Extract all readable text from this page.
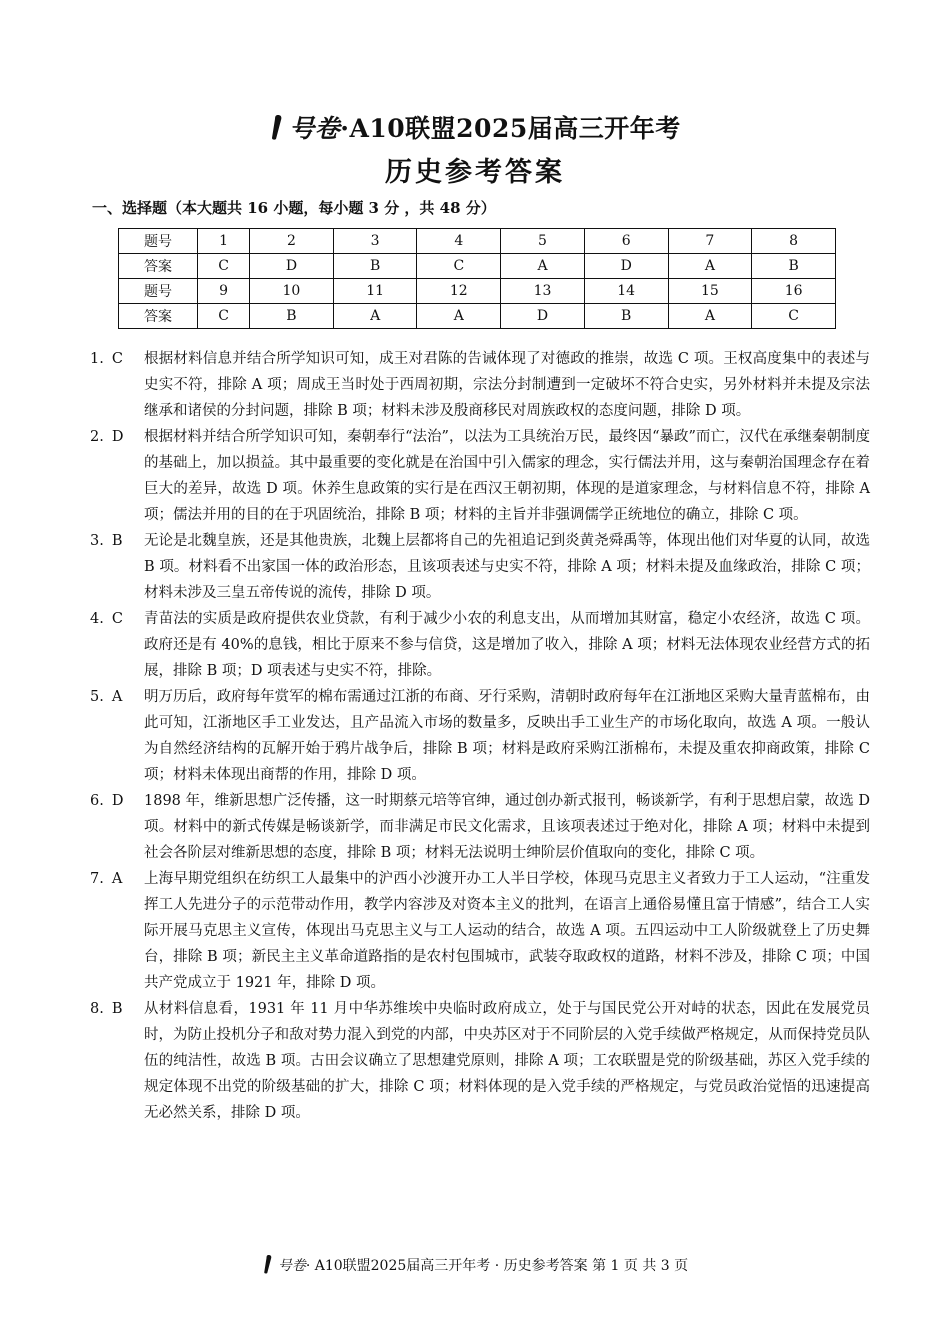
号卷·A10联盟2025届高三开年考
历史参考答案
一、选择题（本大题共 16 小题，每小题 3 分 ，共 48 分）
题号	1	2	3	4	5	6	7	8
答案	C	D	B	C	A	D	A	B
题号	9	10	11	12	13	14	15	16
答案	C	B	A	A	D	B	A	C
1. C	根据材料信息并结合所学知识可知，成王对君陈的告诫体现了对德政的推崇，故选 C 项。王权高度集中的表述与史实不符，排除 A 项；周成王当时处于西周初期，宗法分封制遭到一定破坏不符合史实，另外材料并未提及宗法继承和诸侯的分封问题，排除 B 项；材料未涉及殷商移民对周族政权的态度问题，排除 D 项。
2. D	根据材料并结合所学知识可知，秦朝奉行“法治”，以法为工具统治万民，最终因“暴政”而亡，汉代在承继秦朝制度的基础上，加以损益。其中最重要的变化就是在治国中引入儒家的理念，实行儒法并用，这与秦朝治国理念存在着巨大的差异，故选 D 项。休养生息政策的实行是在西汉王朝初期，体现的是道家理念，与材料信息不符，排除 A 项；儒法并用的目的在于巩固统治，排除 B 项；材料的主旨并非强调儒学正统地位的确立，排除 C 项。
3. B	无论是北魏皇族，还是其他贵族，北魏上层都将自己的先祖追记到炎黄尧舜禹等，体现出他们对华夏的认同，故选 B 项。材料看不出家国一体的政治形态，且该项表述与史实不符，排除 A 项；材料未提及血缘政治，排除 C 项；材料未涉及三皇五帝传说的流传，排除 D 项。
4. C	青苗法的实质是政府提供农业贷款，有利于减少小农的利息支出，从而增加其财富，稳定小农经济，故选 C 项。政府还是有 40%的息钱，相比于原来不参与信贷，这是增加了收入，排除 A 项；材料无法体现农业经营方式的拓展，排除 B 项；D 项表述与史实不符，排除。
5. A	明万历后，政府每年赏军的棉布需通过江浙的布商、牙行采购，清朝时政府每年在江浙地区采购大量青蓝棉布，由此可知，江浙地区手工业发达，且产品流入市场的数量多，反映出手工业生产的市场化取向，故选 A 项。一般认为自然经济结构的瓦解开始于鸦片战争后，排除 B 项；材料是政府采购江浙棉布，未提及重农抑商政策，排除 C 项；材料未体现出商帮的作用，排除 D 项。
6. D	1898 年，维新思想广泛传播，这一时期蔡元培等官绅，通过创办新式报刊，畅谈新学，有利于思想启蒙，故选 D 项。材料中的新式传媒是畅谈新学，而非满足市民文化需求，且该项表述过于绝对化，排除 A 项；材料中未提到社会各阶层对维新思想的态度，排除 B 项；材料无法说明士绅阶层价值取向的变化，排除 C 项。
7. A	上海早期党组织在纺织工人最集中的沪西小沙渡开办工人半日学校，体现马克思主义者致力于工人运动，“注重发挥工人先进分子的示范带动作用，教学内容涉及对资本主义的批判，在语言上通俗易懂且富于情感”，结合工人实际开展马克思主义宣传，体现出马克思主义与工人运动的结合，故选 A 项。五四运动中工人阶级就登上了历史舞台，排除 B 项；新民主主义革命道路指的是农村包围城市，武装夺取政权的道路，材料不涉及，排除 C 项；中国共产党成立于 1921 年，排除 D 项。
8. B	从材料信息看，1931 年 11 月中华苏维埃中央临时政府成立，处于与国民党公开对峙的状态，因此在发展党员时，为防止投机分子和敌对势力混入到党的内部，中央苏区对于不同阶层的入党手续做严格规定，从而保持党员队伍的纯洁性，故选 B 项。古田会议确立了思想建党原则，排除 A 项；工农联盟是党的阶级基础，苏区入党手续的规定体现不出党的阶级基础的扩大，排除 C 项；材料体现的是入党手续的严格规定，与党员政治觉悟的迅速提高无必然关系，排除 D 项。
号卷· A10联盟2025届高三开年考 · 历史参考答案 第 1 页 共 3 页
